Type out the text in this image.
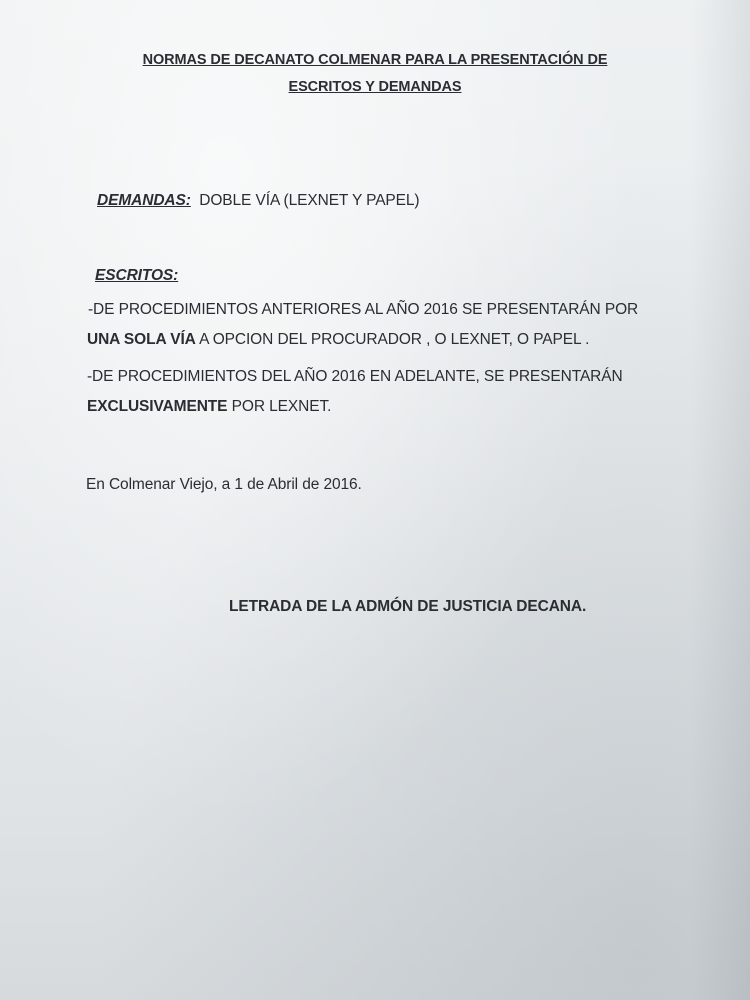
NORMAS DE DECANATO COLMENAR PARA LA PRESENTACIÓN DE

ESCRITOS Y DEMANDAS

DEMANDAS: DOBLE VÍA (LEXNET Y PAPEL)

ESCRITOS:

-DE PROCEDIMIENTOS ANTERIORES AL AÑO 2016 SE PRESENTARÁN POR

UNA SOLA VÍA A OPCION DEL PROCURADOR , O LEXNET, O PAPEL .

-DE PROCEDIMIENTOS DEL AÑO 2016 EN ADELANTE, SE PRESENTARÁN

EXCLUSIVAMENTE POR LEXNET.

En Colmenar Viejo, a 1 de Abril de 2016.

LETRADA DE LA ADMÓN DE JUSTICIA DECANA.
